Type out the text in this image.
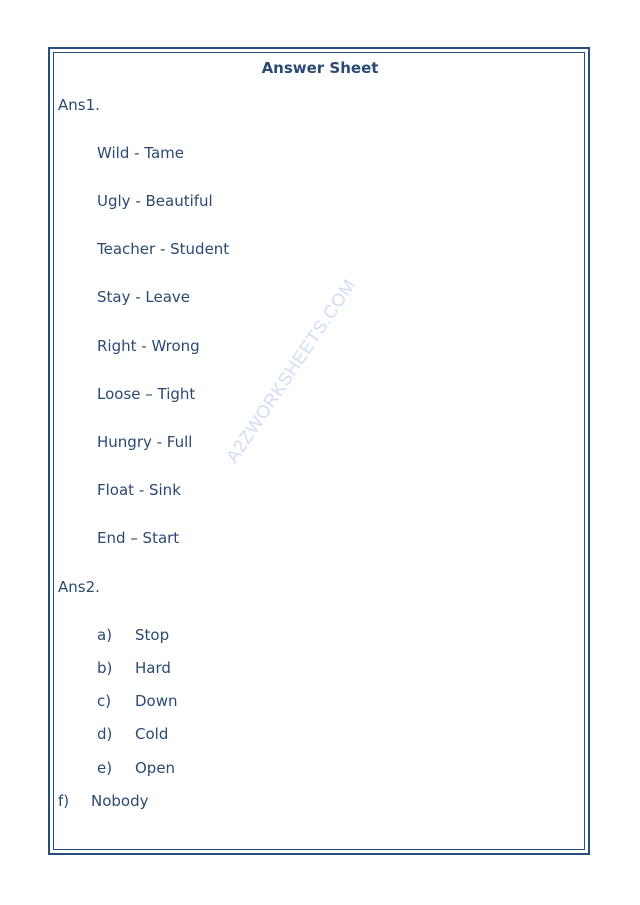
A2ZWORKSHEETS.COM
Answer Sheet
Ans1.
Wild - Tame
Ugly - Beautiful
Teacher - Student
Stay - Leave
Right - Wrong
Loose – Tight
Hungry - Full
Float - Sink
End – Start
Ans2.
a) Stop
b) Hard
c) Down
d) Cold
e) Open
f) Nobody
